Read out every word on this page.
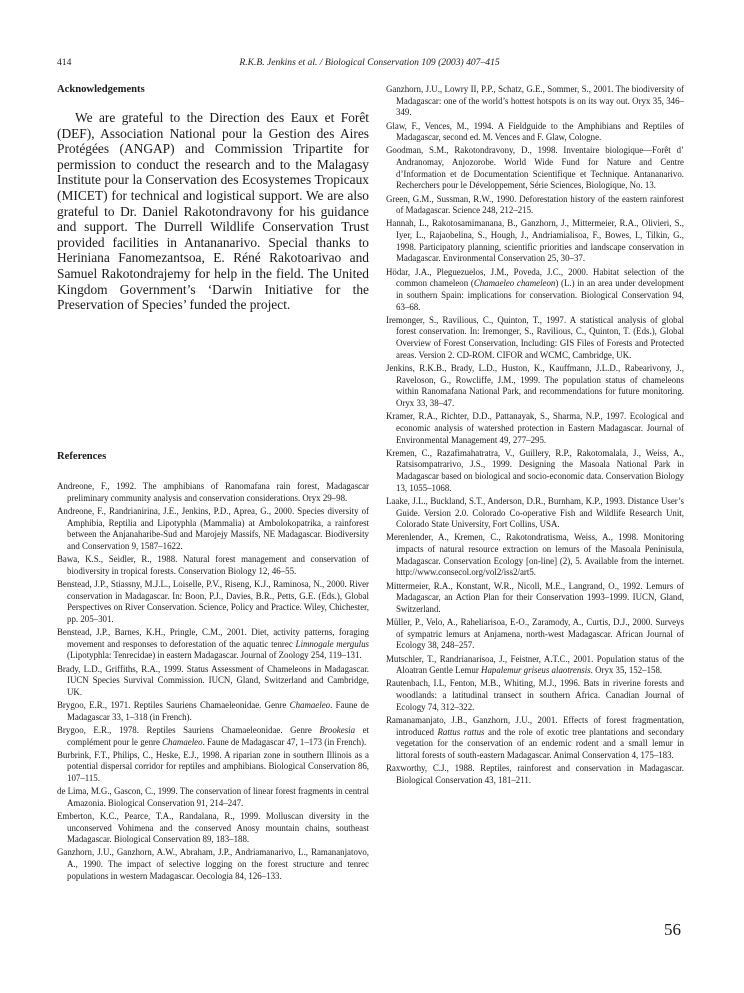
414	R.K.B. Jenkins et al. / Biological Conservation 109 (2003) 407–415

Acknowledgements

We are grateful to the Direction des Eaux et Forêt (DEF), Association National pour la Gestion des Aires Protégées (ANGAP) and Commission Tripartite for permission to conduct the research and to the Malagasy Institute pour la Conservation des Ecosystemes Tropicaux (MICET) for technical and logistical support. We are also grateful to Dr. Daniel Rakotondravony for his guidance and support. The Durrell Wildlife Conservation Trust provided facilities in Antananarivo. Special thanks to Heriniana Fanomezantsoa, E. Réné Rakotoarivao and Samuel Rakotondrajemy for help in the field. The United Kingdom Government’s ‘Darwin Initiative for the Preservation of Species’ funded the project.

References

Andreone, F., 1992. The amphibians of Ranomafana rain forest, Madagascar preliminary community analysis and conservation considerations. Oryx 29–98.

Andreone, F., Randrianirina, J.E., Jenkins, P.D., Aprea, G., 2000. Species diversity of Amphibia, Reptilia and Lipotyphla (Mammalia) at Ambolokopatrika, a rainforest between the Anjanaharibe-Sud and Marojejy Massifs, NE Madagascar. Biodiversity and Conservation 9, 1587–1622.

Bawa, K.S., Seidler, R., 1988. Natural forest management and conservation of biodiversity in tropical forests. Conservation Biology 12, 46–55.

Benstead, J.P., Stiassny, M.J.L., Loiselle, P.V., Riseng, K.J., Raminosa, N., 2000. River conservation in Madagascar. In: Boon, P.J., Davies, B.R., Petts, G.E. (Eds.), Global Perspectives on River Conservation. Science, Policy and Practice. Wiley, Chichester, pp. 205–301.

Benstead, J.P., Barnes, K.H., Pringle, C.M., 2001. Diet, activity patterns, foraging movement and responses to deforestation of the aquatic tenrec Limnogale mergulus (Lipotyphla: Tenrecidae) in eastern Madagascar. Journal of Zoology 254, 119–131.

Brady, L.D., Griffiths, R.A., 1999. Status Assessment of Chameleons in Madagascar. IUCN Species Survival Commission. IUCN, Gland, Switzerland and Cambridge, UK.

Brygoo, E.R., 1971. Reptiles Sauriens Chamaeleonidae. Genre Chamaeleo. Faune de Madagascar 33, 1–318 (in French).

Brygoo, E.R., 1978. Reptiles Sauriens Chamaeleonidae. Genre Brookesia et complément pour le genre Chamaeleo. Faune de Madagascar 47, 1–173 (in French).

Burbrink, F.T., Philips, C., Heske, E.J., 1998. A riparian zone in southern Illinois as a potential dispersal corridor for reptiles and amphibians. Biological Conservation 86, 107–115.

de Lima, M.G., Gascon, C., 1999. The conservation of linear forest fragments in central Amazonia. Biological Conservation 91, 214–247.

Emberton, K.C., Pearce, T.A., Randalana, R., 1999. Molluscan diversity in the unconserved Vohimena and the conserved Anosy mountain chains, southeast Madagascar. Biological Conservation 89, 183–188.

Ganzhorn, J.U., Ganzhorn, A.W., Abraham, J.P., Andriamanarivo, L., Ramananjatovo, A., 1990. The impact of selective logging on the forest structure and tenrec populations in western Madagascar. Oecologia 84, 126–133.

Ganzhorn, J.U., Lowry II, P.P., Schatz, G.E., Sommer, S., 2001. The biodiversity of Madagascar: one of the world’s hottest hotspots is on its way out. Oryx 35, 346–349.

Glaw, F., Vences, M., 1994. A Fieldguide to the Amphibians and Reptiles of Madagascar, second ed. M. Vences and F. Glaw, Cologne.

Goodman, S.M., Rakotondravony, D., 1998. Inventaire biologique—Forêt d’ Andranomay, Anjozorobe. World Wide Fund for Nature and Centre d’Information et de Documentation Scientifique et Technique. Antananarivo. Recherchers pour le Développement, Série Sciences, Biologique, No. 13.

Green, G.M., Sussman, R.W., 1990. Deforestation history of the eastern rainforest of Madagascar. Science 248, 212–215.

Hannah, L., Rakotosamimanana, B., Ganzhorn, J., Mittermeier, R.A., Olivieri, S., Iyer, L., Rajaobelina, S., Hough, J., Andriamialisoa, F., Bowes, I., Tilkin, G., 1998. Participatory planning, scientific priorities and landscape conservation in Madagascar. Environmental Conservation 25, 30–37.

Hödar, J.A., Pleguezuelos, J.M., Poveda, J.C., 2000. Habitat selection of the common chameleon (Chamaeleo chameleon) (L.) in an area under development in southern Spain: implications for conservation. Biological Conservation 94, 63–68.

Iremonger, S., Ravilious, C., Quinton, T., 1997. A statistical analysis of global forest conservation. In: Iremonger, S., Ravilious, C., Quinton, T. (Eds.), Global Overview of Forest Conservation, Including: GIS Files of Forests and Protected areas. Version 2. CD-ROM. CIFOR and WCMC, Cambridge, UK.

Jenkins, R.K.B., Brady, L.D., Huston, K., Kauffmann, J.L.D., Rabearivony, J., Raveloson, G., Rowcliffe, J.M., 1999. The population status of chameleons within Ranomafana National Park, and recommendations for future monitoring. Oryx 33, 38–47.

Kramer, R.A., Richter, D.D., Pattanayak, S., Sharma, N.P., 1997. Ecological and economic analysis of watershed protection in Eastern Madagascar. Journal of Environmental Management 49, 277–295.

Kremen, C., Razafimahatratra, V., Guillery, R.P., Rakotomalala, J., Weiss, A., Ratsisompatrarivo, J.S., 1999. Designing the Masoala National Park in Madagascar based on biological and socio-economic data. Conservation Biology 13, 1055–1068.

Laake, J.L., Buckland, S.T., Anderson, D.R., Burnham, K.P., 1993. Distance User’s Guide. Version 2.0. Colorado Co-operative Fish and Wildlife Research Unit, Colorado State University, Fort Collins, USA.

Merenlender, A., Kremen, C., Rakotondratisma, Weiss, A., 1998. Monitoring impacts of natural resource extraction on lemurs of the Masoala Peninisula, Madagascar. Conservation Ecology [on-line] (2), 5. Available from the internet. http://www.consecol.org/vol2/iss2/art5.

Mittermeier, R.A., Konstant, W.R., Nicoll, M.E., Langrand, O., 1992. Lemurs of Madagascar, an Action Plan for their Conservation 1993–1999. IUCN, Gland, Switzerland.

Müller, P., Velo, A., Raheliarisoa, E-O., Zaramody, A., Curtis, D.J., 2000. Surveys of sympatric lemurs at Anjamena, north-west Madagascar. African Journal of Ecology 38, 248–257.

Mutschler, T., Randrianarisoa, J., Feistner, A.T.C., 2001. Population status of the Aloatran Gentle Lemur Hapalemur griseus alaotrensis. Oryx 35, 152–158.

Rautenbach, I.L, Fenton, M.B., Whiting, M.J., 1996. Bats in riverine forests and woodlands: a latitudinal transect in southern Africa. Canadian Journal of Ecology 74, 312–322.

Ramanamanjato, J.B., Ganzhorn, J.U., 2001. Effects of forest fragmentation, introduced Rattus rattus and the role of exotic tree plantations and secondary vegetation for the conservation of an endemic rodent and a small lemur in littoral forests of south-eastern Madagascar. Animal Conservation 4, 175–183.

Raxworthy, C.J., 1988. Reptiles, rainforest and conservation in Madagascar. Biological Conservation 43, 181–211.

56
